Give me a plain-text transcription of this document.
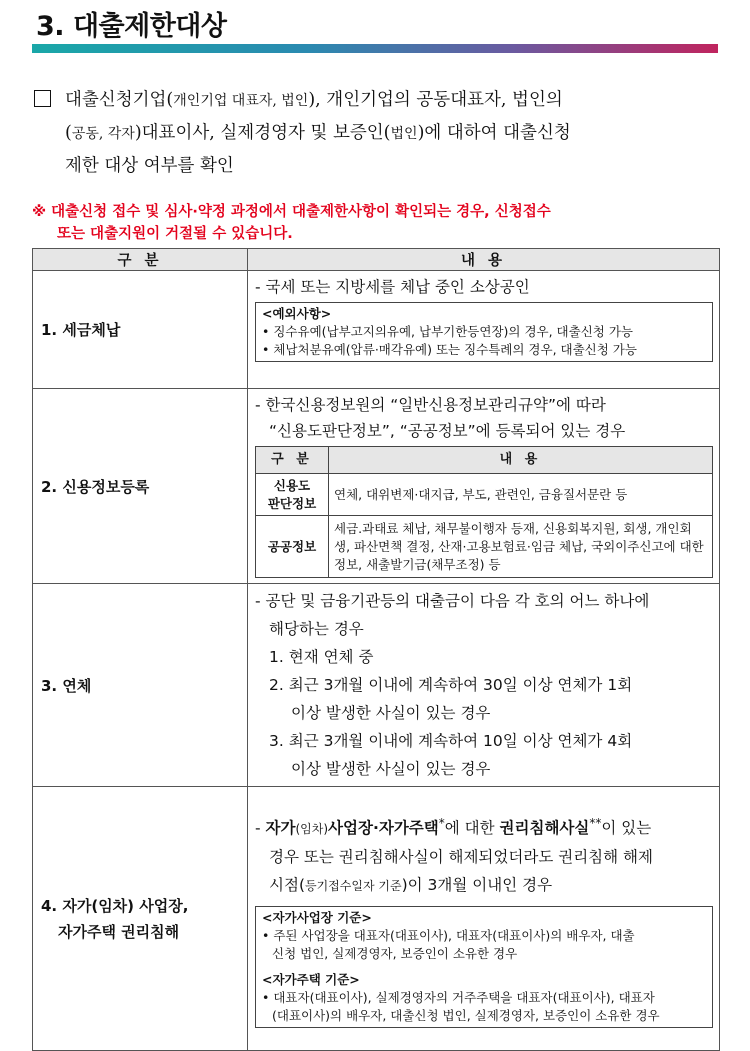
3. 대출제한대상
대출신청기업(개인기업 대표자, 법인), 개인기업의 공동대표자, 법인의
(공동, 각자)대표이사, 실제경영자 및 보증인(법인)에 대하여 대출신청
제한 대상 여부를 확인
※ 대출신청 접수 및 심사·약정 과정에서 대출제한사항이 확인되는 경우, 신청접수
또는 대출지원이 거절될 수 있습니다.
구 분	내 용
1. 세금체납	
- 국세 또는 지방세를 체납 중인 소상공인
<예외사항>
• 징수유예(납부고지의유예, 납부기한등연장)의 경우, 대출신청 가능
• 체납처분유예(압류·매각유예) 또는 징수특례의 경우, 대출신청 가능

2. 신용정보등록	
- 한국신용정보원의 “일반신용정보관리규약”에 따라
“신용도판단정보”, “공공정보”에 등록되어 있는 경우
구 분	내 용
신용도
판단정보	연체, 대위변제·대지급, 부도, 관련인, 금융질서문란 등
공공정보	세금.과태료 체납, 채무불이행자 등재, 신용회복지원, 회생, 개인회생, 파산면책 결정, 산재·고용보험료·임금 체납, 국외이주신고에 대한 정보, 새출발기금(채무조정) 등

3. 연체	
- 공단 및 금융기관등의 대출금이 다음 각 호의 어느 하나에
해당하는 경우
1. 현재 연체 중
2. 최근 3개월 이내에 계속하여 30일 이상 연체가 1회
이상 발생한 사실이 있는 경우
3. 최근 3개월 이내에 계속하여 10일 이상 연체가 4회
이상 발생한 사실이 있는 경우

4. 자가(임차) 사업장,
자가주택 권리침해

- 자가(임차)사업장·자가주택*에 대한 권리침해사실**이 있는
경우 또는 권리침해사실이 해제되었더라도 권리침해 해제
시점(등기접수일자 기준)이 3개월 이내인 경우
<자가사업장 기준>
• 주된 사업장을 대표자(대표이사), 대표자(대표이사)의 배우자, 대출
신청 법인, 실제경영자, 보증인이 소유한 경우
<자가주택 기준>
• 대표자(대표이사), 실제경영자의 거주주택을 대표자(대표이사), 대표자
(대표이사)의 배우자, 대출신청 법인, 실제경영자, 보증인이 소유한 경우
